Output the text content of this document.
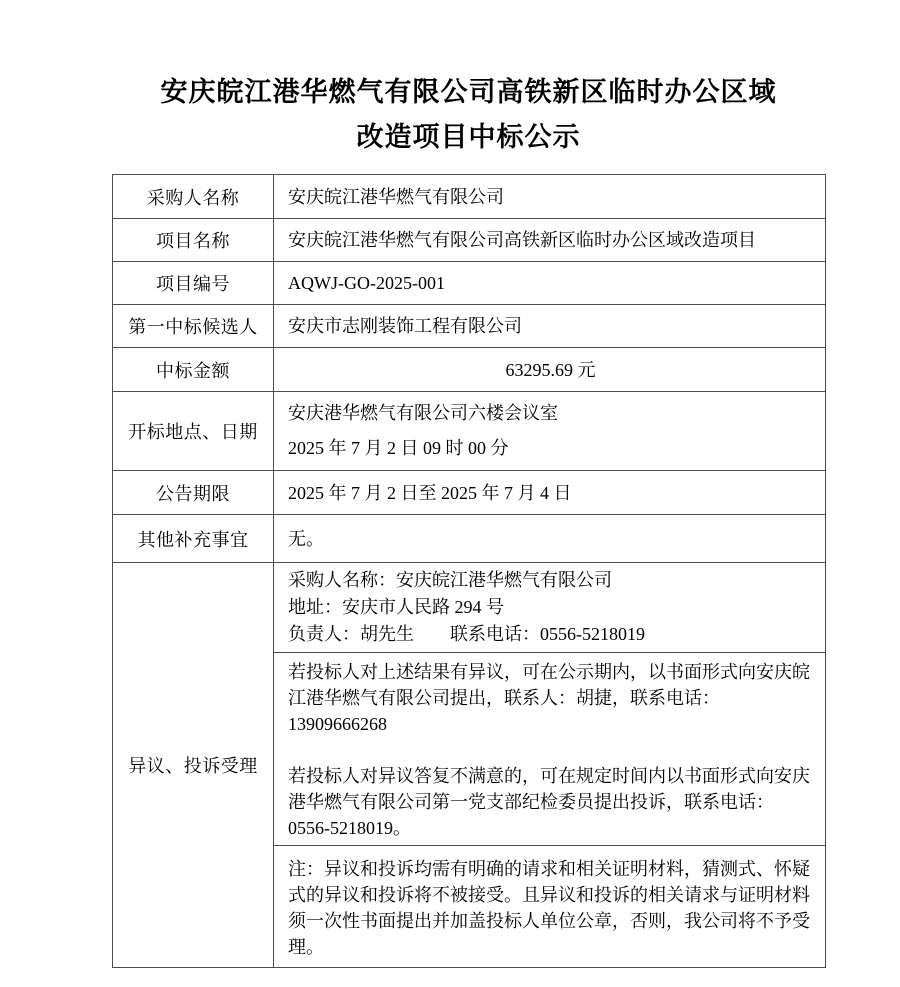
安庆皖江港华燃气有限公司高铁新区临时办公区域
改造项目中标公示
采购人名称	安庆皖江港华燃气有限公司
项目名称	安庆皖江港华燃气有限公司高铁新区临时办公区域改造项目
项目编号	AQWJ-GO-2025-001
第一中标候选人	安庆市志刚装饰工程有限公司
中标金额	63295.69 元
开标地点、日期	安庆港华燃气有限公司六楼会议室
2025 年 7 月 2 日 09 时 00 分

公告期限	2025 年 7 月 2 日至 2025 年 7 月 4 日
其他补充事宜	无。
异议、投诉受理	采购人名称：安庆皖江港华燃气有限公司
地址：安庆市人民路 294 号
负责人：胡先生　　联系电话：0556-5218019

	若投标人对上述结果有异议，可在公示期内，以书面形式向安庆皖江港华燃气有限公司提出，联系人：胡捷，联系电话：13909666268

若投标人对异议答复不满意的，可在规定时间内以书面形式向安庆港华燃气有限公司第一党支部纪检委员提出投诉，联系电话：0556-5218019。

	注：异议和投诉均需有明确的请求和相关证明材料，猜测式、怀疑式的异议和投诉将不被接受。且异议和投诉的相关请求与证明材料须一次性书面提出并加盖投标人单位公章，否则，我公司将不予受理。
